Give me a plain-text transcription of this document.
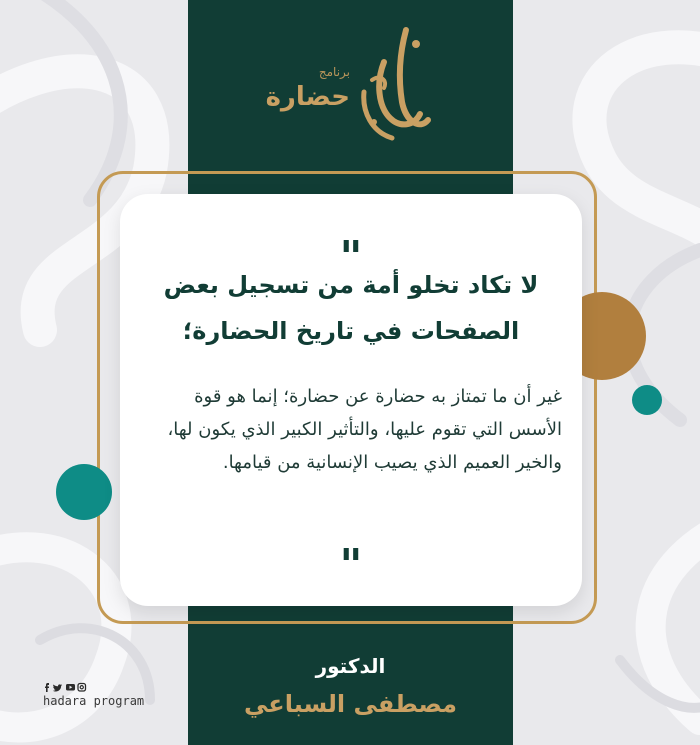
برنامج
حضارة
"

لا تكاد تخلو أمة من تسجيل بعض الصفحات في تاريخ الحضارة؛

غير أن ما تمتاز به حضارة عن حضارة؛ إنما هو قوة الأسس التي تقوم عليها، والتأثير الكبير الذي يكون لها، والخير العميم الذي يصيب الإنسانية من قيامها.

"
الدكتور
مصطفى السباعي
hadara program
